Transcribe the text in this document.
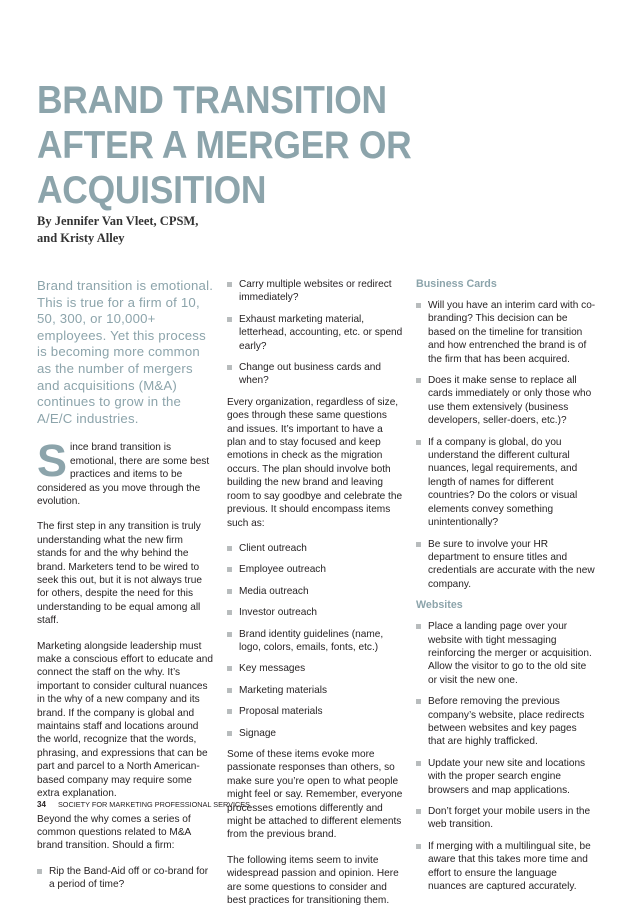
BRAND TRANSITION
AFTER A MERGER OR
ACQUISITION
By Jennifer Van Vleet, CPSM,
and Kristy Alley

Brand transition is emotional. This is true for a firm of 10, 50, 300, or 10,000+ employees. Yet this process is becoming more common as the number of mergers and acquisitions (M&A) continues to grow in the A/E/C industries.

Since brand transition is emotional, there are some best practices and items to be considered as you move through the evolution.

The first step in any transition is truly understanding what the new firm stands for and the why behind the brand. Marketers tend to be wired to seek this out, but it is not always true for others, despite the need for this understanding to be equal among all staff.

Marketing alongside leadership must make a conscious effort to educate and connect the staff on the why. It’s important to consider cultural nuances in the why of a new company and its brand. If the company is global and maintains staff and locations around the world, recognize that the words, phrasing, and expressions that can be part and parcel to a North American-based company may require some extra explanation.

Beyond the why comes a series of common questions related to M&A brand transition. Should a firm:

Rip the Band-Aid off or co-brand for a period of time?
Carry multiple websites or redirect immediately?
Exhaust marketing material, letterhead, accounting, etc. or spend early?
Change out business cards and when?

Every organization, regardless of size, goes through these same questions and issues. It’s important to have a plan and to stay focused and keep emotions in check as the migration occurs. The plan should involve both building the new brand and leaving room to say goodbye and celebrate the previous. It should encompass items such as:

Client outreach
Employee outreach
Media outreach
Investor outreach
Brand identity guidelines (name, logo, colors, emails, fonts, etc.)
Key messages
Marketing materials
Proposal materials
Signage

Some of these items evoke more passionate responses than others, so make sure you’re open to what people might feel or say. Remember, everyone processes emotions differently and might be attached to different elements from the previous brand.

The following items seem to invite widespread passion and opinion. Here are some questions to consider and best practices for transitioning them.

Business Cards
Will you have an interim card with co-branding? This decision can be based on the timeline for transition and how entrenched the brand is of the firm that has been acquired.
Does it make sense to replace all cards immediately or only those who use them extensively (business developers, seller-doers, etc.)?
If a company is global, do you understand the different cultural nuances, legal requirements, and length of names for different countries? Do the colors or visual elements convey something unintentionally?
Be sure to involve your HR department to ensure titles and credentials are accurate with the new company.
Websites
Place a landing page over your website with tight messaging reinforcing the merger or acquisition. Allow the visitor to go to the old site or visit the new one.
Before removing the previous company’s website, place redirects between websites and key pages that are highly trafficked.
Update your new site and locations with the proper search engine browsers and map applications.
Don’t forget your mobile users in the web transition.
If merging with a multilingual site, be aware that this takes more time and effort to ensure the language nuances are captured accurately.
34 SOCIETY FOR MARKETING PROFESSIONAL SERVICES
